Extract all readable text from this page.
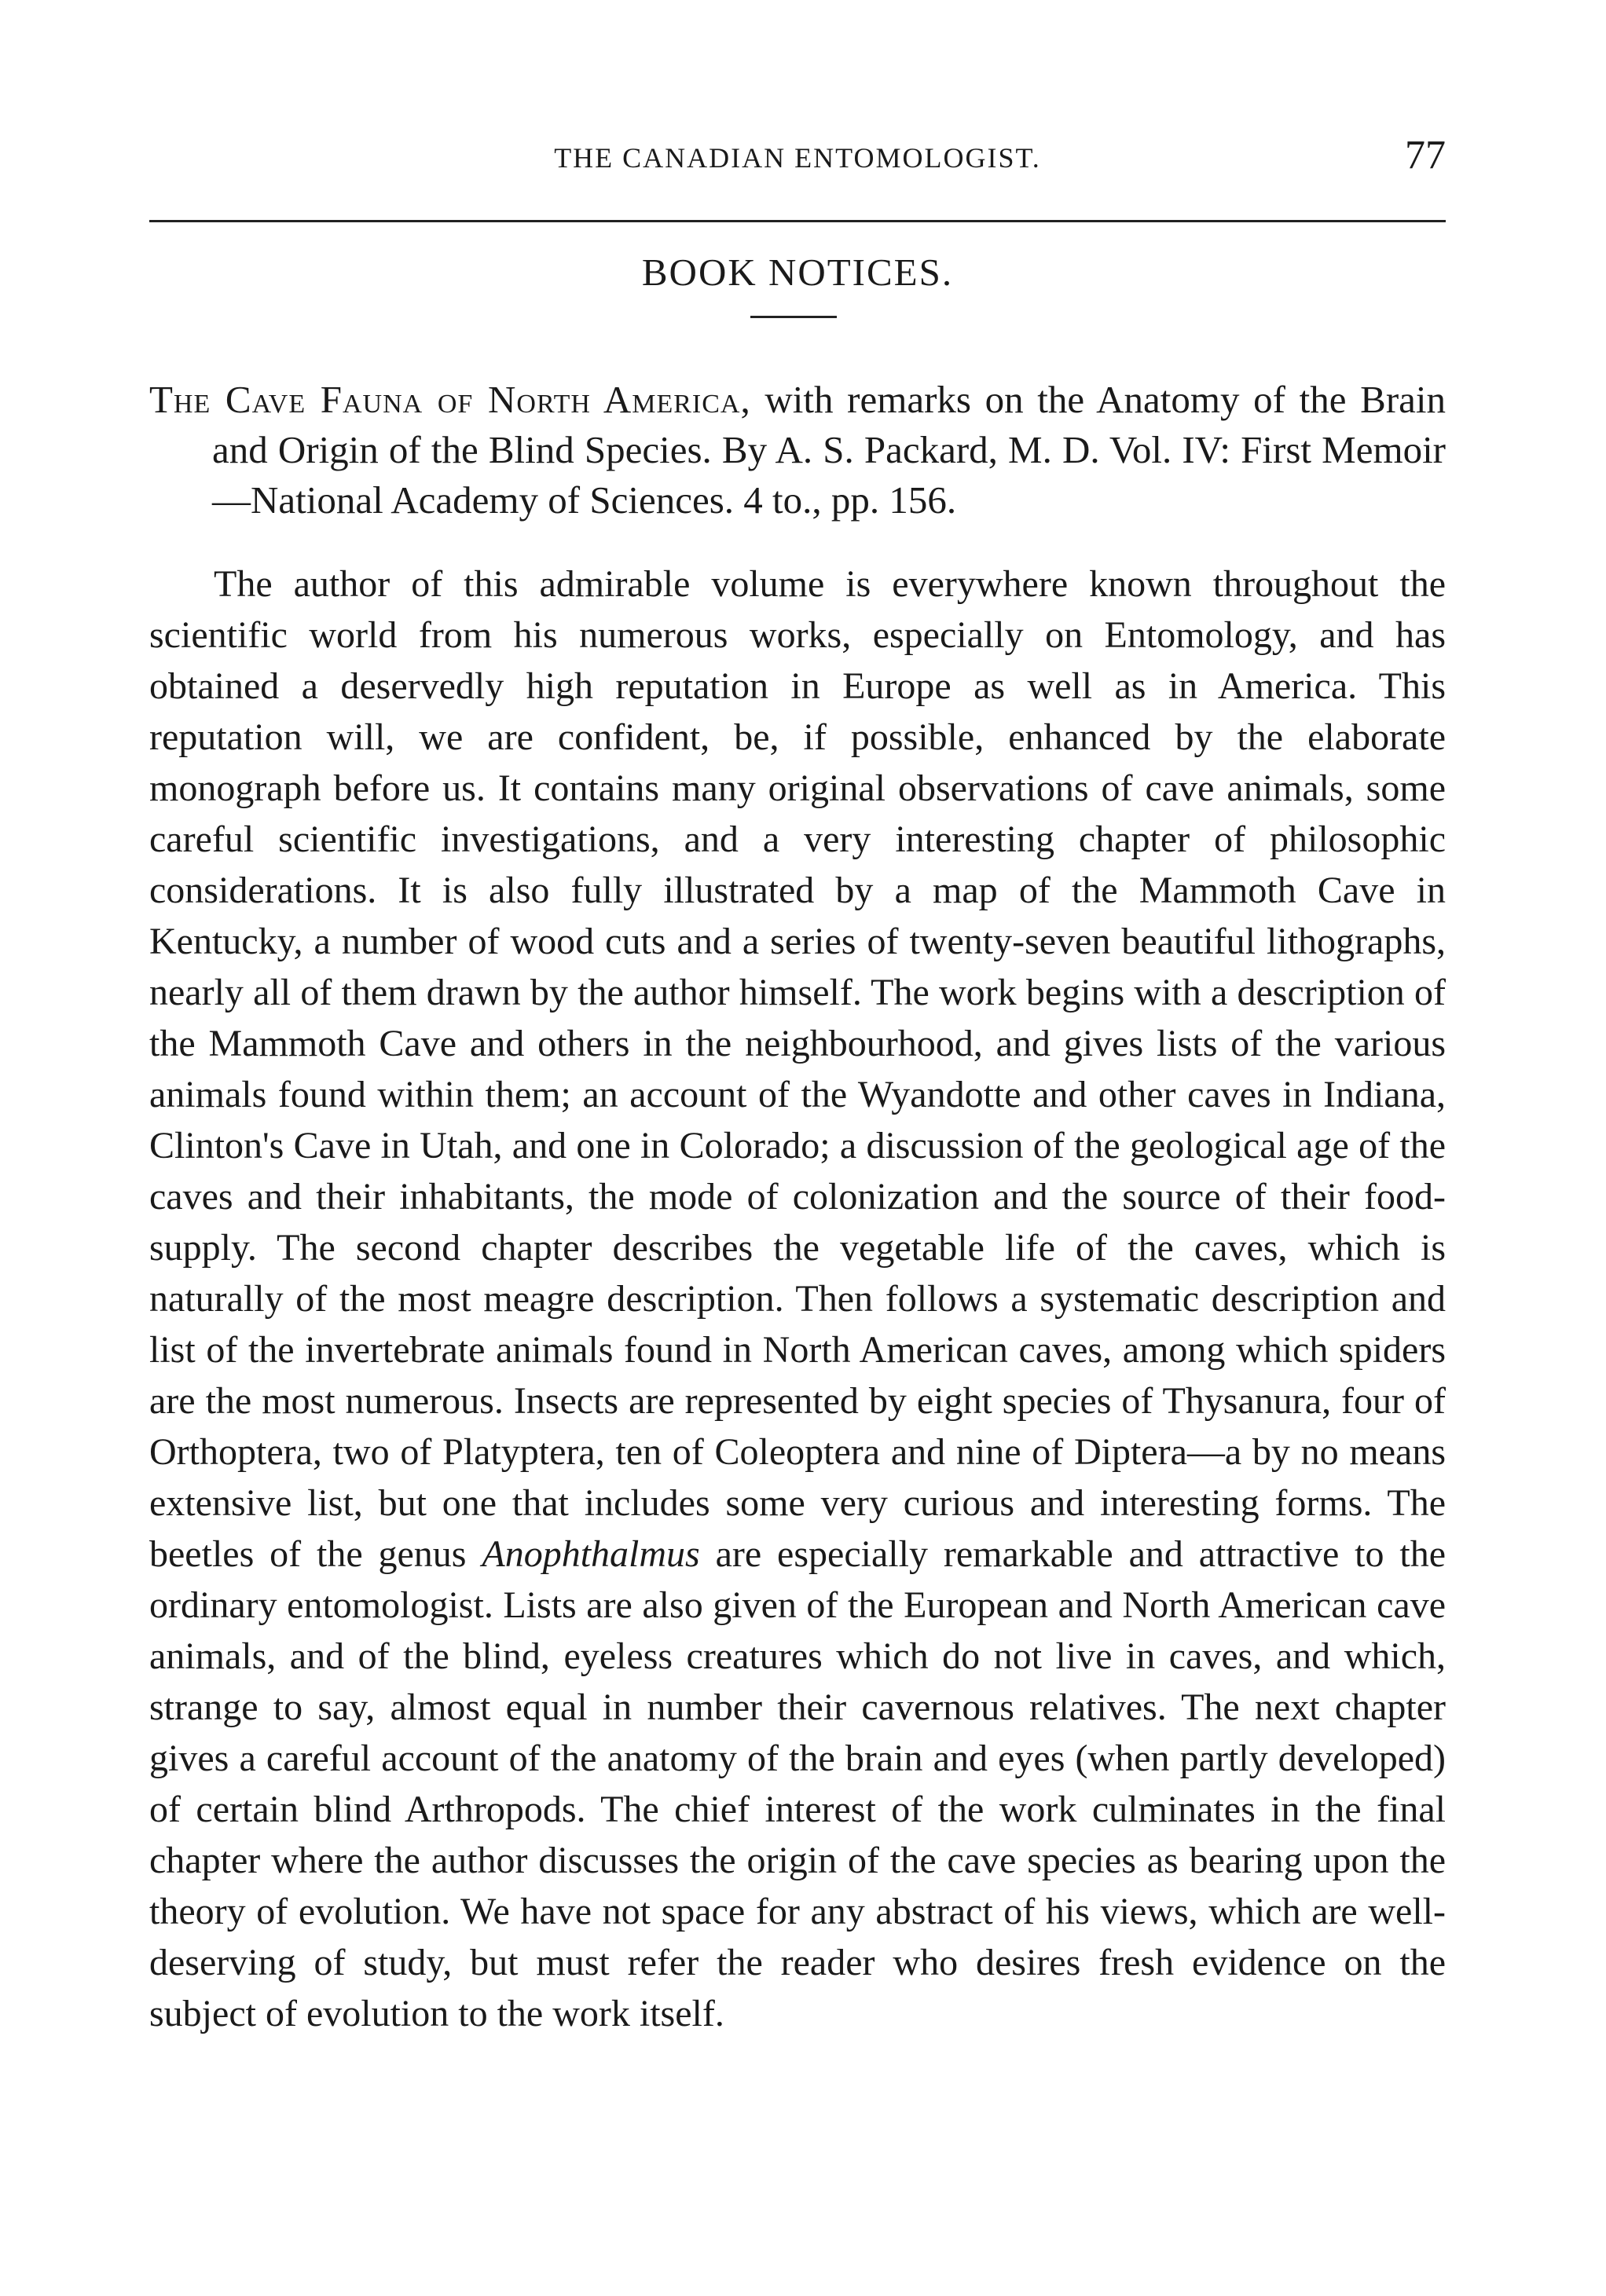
THE CANADIAN ENTOMOLOGIST.	77
BOOK NOTICES.

The Cave Fauna of North America, with remarks on the Anatomy of the Brain and Origin of the Blind Species. By A. S. Packard, M. D. Vol. IV: First Memoir—National Academy of Sciences. 4 to., pp. 156.

The author of this admirable volume is everywhere known throughout the scientific world from his numerous works, especially on Entomology, and has obtained a deservedly high reputation in Europe as well as in America. This reputation will, we are confident, be, if possible, enhanced by the elaborate monograph before us. It contains many original observations of cave animals, some careful scientific investigations, and a very interesting chapter of philosophic considerations. It is also fully illustrated by a map of the Mammoth Cave in Kentucky, a number of wood cuts and a series of twenty-seven beautiful lithographs, nearly all of them drawn by the author himself. The work begins with a description of the Mammoth Cave and others in the neighbourhood, and gives lists of the various animals found within them; an account of the Wyandotte and other caves in Indiana, Clinton's Cave in Utah, and one in Colorado; a discussion of the geological age of the caves and their inhabitants, the mode of colonization and the source of their food-supply. The second chapter describes the vegetable life of the caves, which is naturally of the most meagre description. Then follows a systematic description and list of the invertebrate animals found in North American caves, among which spiders are the most numerous. Insects are represented by eight species of Thysanura, four of Orthoptera, two of Platyptera, ten of Coleoptera and nine of Diptera—a by no means extensive list, but one that includes some very curious and interesting forms. The beetles of the genus Anophthalmus are especially remarkable and attractive to the ordinary entomologist. Lists are also given of the European and North American cave animals, and of the blind, eyeless creatures which do not live in caves, and which, strange to say, almost equal in number their cavernous relatives. The next chapter gives a careful account of the anatomy of the brain and eyes (when partly developed) of certain blind Arthropods. The chief interest of the work culminates in the final chapter where the author discusses the origin of the cave species as bearing upon the theory of evolution. We have not space for any abstract of his views, which are well-deserving of study, but must refer the reader who desires fresh evidence on the subject of evolution to the work itself.
